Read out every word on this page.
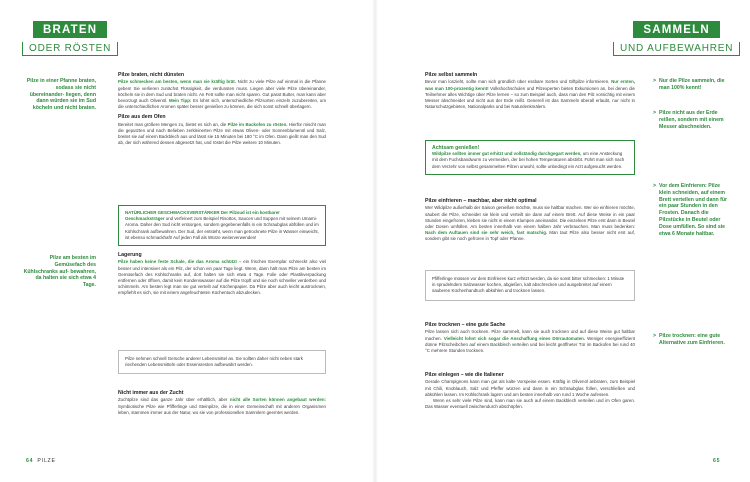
BRATEN
ODER RÖSTEN
Pilze in einer Pfanne braten, sodass sie nicht übereinander- liegen, denn dann würden sie im Sud köcheln und nicht braten.
Pilze am besten im Gemüsefach des Kühlschranks auf- bewahren, da halten sie sich etwa 4 Tage.
Pilze braten, nicht dünsten

Pilze schmecken am besten, wenn man sie kräftig brät. Nicht zu viele Pilze auf einmal in die Pfanne geben! Sie verlieren zunächst Flüssigkeit, die verdunsten muss. Liegen aber viele Pilze übereinander, köcheln sie in dem Sud und braten nicht. An Fett sollte man nicht sparen. Gut passt Butter, man kann aber bevorzugt auch Olivenöl. Mein Tipp: Es lohnt sich, unterschiedliche Pilzsorten einzeln zuzubereiten, um die unterschiedlichen Aromen später besser genießen zu können, die sich sonst schnell überlagern.

Pilze aus dem Ofen

Bereitet man größere Mengen zu, bietet es sich an, die Pilze im Backofen zu rösten. Hierfür mischt man die geputzten und nach Belieben zerkleinerten Pilze mit etwas Oliven- oder Sonnenblumenöl und Salz, breitet sie auf einem Backblech aus und lässt sie 15 Minuten bei 180 °C im Ofen. Dann gießt man den Sud ab, der sich während dessen abgesetzt hat, und röstet die Pilze weitere 10 Minuten.

NATÜRLICHER GESCHMACKSVERSTÄRKER Der Pilzsud ist ein kostbarer Geschmacksträger und verfeinert zum Beispiel Risottos, Saucen und Suppen mit seinem Umami-Aroma. Daher den Sud nicht entsorgen, sondern gegebenenfalls in ein Schraubglas abfüllen und im Kühlschrank aufbewahren. Der Sud, der entsteht, wenn man getrocknete Pilze in Wasser einweicht, ist ebenso schmackhaft! Auf jeden Fall als Würze weiterverwenden!
Lagerung

Pilze haben keine feste Schale, die das Aroma schützt – ein frisches Exemplar schmeckt also viel besser und intensiver als ein Pilz, der schon ein paar Tage liegt. Wenn, dann hält man Pilze am besten im Gemüsefach des Kühlschranks auf, dort halten sie sich etwa 4 Tage. Folie oder Plastikverpackung entfernen oder öffnen, damit kein Kondenswasser auf die Pilze tropft und sie noch schneller verderben und schimmeln. Am besten legt man sie gut verteilt auf Küchenpapier. Da Pilze aber auch leicht austrocknen, empfiehlt es sich, sie mit einem angefeuchteten Küchentuch abzudecken.

Pilze nehmen schnell Gerüche anderer Lebensmittel an. Sie sollten daher nicht neben stark riechenden Lebensmitteln oder Essensresten aufbewahrt werden.
Nicht immer aus der Zucht

Zuchtpilze sind das ganze Jahr über erhältlich, aber nicht alle Sorten können angebaut werden: Symbiotische Pilze wie Pfifferlinge und Steinpilze, die in einer Gemeinschaft mit anderen Organismen leben, stammen immer aus der Natur, wo sie von professionellen Sammlern geerntet werden.

64 PILZE
SAMMELN
UND AUFBEWAHREN
Pilze selbst sammeln

Bevor man loszieht, sollte man sich gründlich über essbare Sorten und Giftpilze informieren. Nur ernten, was man 100-prozentig kennt! Volkshochschulen und Pilzexperten bieten Exkursionen an, bei denen die Teilnehmer alles Wichtige über Pilze lernen – so zum Beispiel auch, dass man den Pilz vorsichtig mit einem Messer abschneidet und nicht aus der Erde reißt. Generell ist das Sammeln überall erlaubt, nur nicht in Naturschutzgebieten, Nationalparks und bei Naturdenkmälern.

Achtsam genießen!
Wildpilze sollten immer gut erhitzt und vollständig durchgegart werden, um eine Ansteckung mit dem Fuchsbandwurm zu vermeiden, der bei hohen Temperaturen abstirbt. Führt man sich nach dem Verzehr von selbst gesammelten Pilzen unwohl, sollte unbedingt ein Arzt aufgesucht werden.
Pilze einfrieren – machbar, aber nicht optimal

Wer Wildpilze außerhalb der Saison genießen möchte, muss sie haltbar machen. Wer sie einfrieren möchte, säubert die Pilze, schneidet sie klein und verteilt sie dann auf einem Brett. Auf diese Weise in ein paar Stunden eingefroren, kleben sie nicht in einem Klumpen aneinander. Die einzelnen Pilze erst dann in Beutel oder Dosen umfüllen. Am besten innerhalb von einem halben Jahr verbrauchen. Man muss bedenken: Nach dem Auftauen sind sie sehr weich, fast matschig. Man taut Pilze also besser nicht erst auf, sondern gibt sie noch gefroren in Topf oder Pfanne.

Pfifferlinge müssen vor dem Einfrieren kurz erhitzt werden, da sie sonst bitter schmecken: 1 Minute in sprudelndem Salzwasser kochen, abgießen, kalt abschrecken und ausgebreitet auf einem sauberen Küchenhandtuch abkühlen und trocknen lassen.
Pilze trocknen – eine gute Sache

Pilze lassen sich auch trocknen. Pilze sammelt, kann sie auch trocknen und auf diese Weise gut haltbar machen. Vielleicht lohnt sich sogar die Anschaffung eines Dörrautomaten. Weniger energieeffizient dünne Pilzscheibchen auf einem Backblech verteilen und bei leicht geöffneter Tür im Backofen bei rund 40 °C mehrere Stunden trocknen.

Pilze einlegen – wie die Italiener

Gerade Champignons kann man gut als kalte Vorspeise essen. Kräftig in Olivenöl anbraten, zum Beispiel mit Chili, Knoblauch, Salz und Pfeffer würzen und dann in ein Schraubglas füllen, verschließen und abkühlen lassen. Im Kühlschrank lagern und am besten innerhalb von rund 1 Woche aufessen.

Wenn es sehr viele Pilze sind, kann man sie auch auf einem Backblech verteilen und im Ofen garen. Das Wasser eventuell zwischendurch abschöpfen.

> Nur die Pilze sammeln, die man 100% kennt!
> Pilze nicht aus der Erde reißen, sondern mit einem Messer abschneiden.
> Vor dem Einfrieren: Pilze klein schneiden, auf einem Brett verteilen und dann für ein paar Stunden in den Frosten. Danach die Pilzstücke in Beutel oder Dose umfüllen. So sind sie etwa 6 Monate haltbar.
> Pilze trocknen: eine gute Alternative zum Einfrieren.
65
